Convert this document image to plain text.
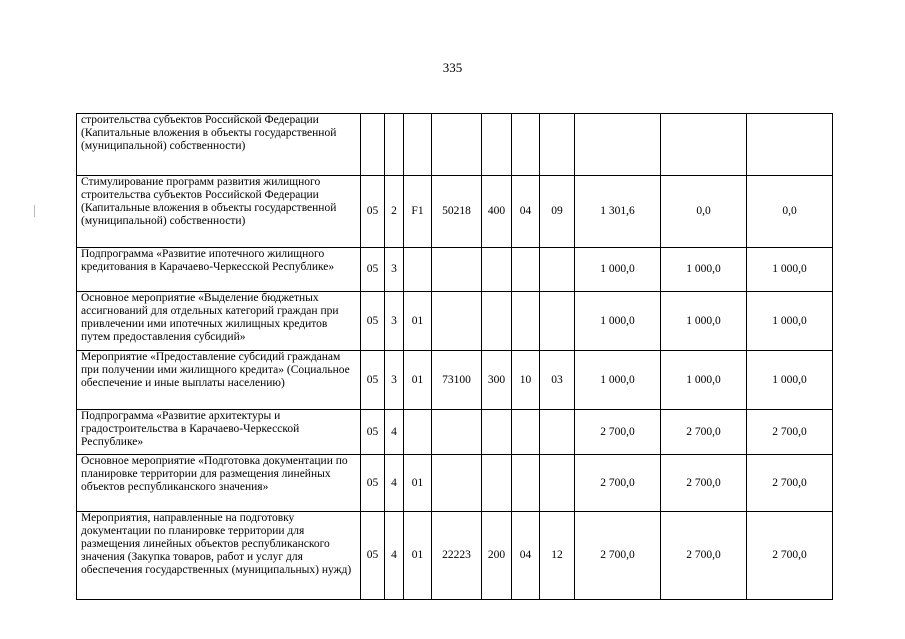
335
строительства субъектов Российской Федерации (Капитальные вложения в объекты государственной (муниципальной) собственности)										
Стимулирование программ развития жилищного строительства субъектов Российской Федерации (Капитальные вложения в объекты государственной (муниципальной) собственности)	05	2	F1	50218	400	04	09	1 301,6	0,0	0,0
Подпрограмма «Развитие ипотечного жилищного кредитования в Карачаево-Черкесской Республике»	05	3						1 000,0	1 000,0	1 000,0
Основное мероприятие «Выделение бюджетных ассигнований для отдельных категорий граждан при привлечении ими ипотечных жилищных кредитов путем предоставления субсидий»	05	3	01					1 000,0	1 000,0	1 000,0
Мероприятие «Предоставление субсидий гражданам при получении ими жилищного кредита» (Социальное обеспечение и иные выплаты населению)	05	3	01	73100	300	10	03	1 000,0	1 000,0	1 000,0
Подпрограмма «Развитие архитектуры и градостроительства в Карачаево-Черкесской Республике»	05	4						2 700,0	2 700,0	2 700,0
Основное мероприятие «Подготовка документации по планировке территории для размещения линейных объектов республиканского значения»	05	4	01					2 700,0	2 700,0	2 700,0
Мероприятия, направленные на подготовку документации по планировке территории для размещения линейных объектов республиканского значения (Закупка товаров, работ и услуг для обеспечения государственных (муниципальных) нужд)	05	4	01	22223	200	04	12	2 700,0	2 700,0	2 700,0
